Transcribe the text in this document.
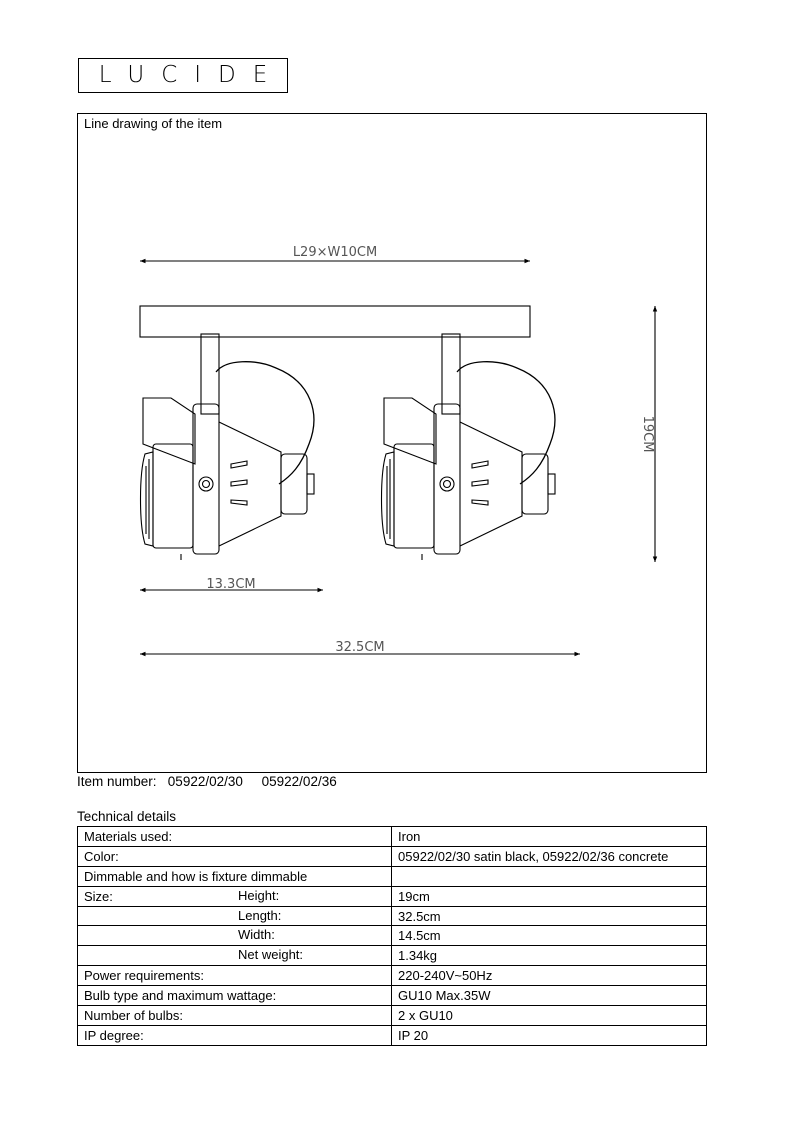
LUCIDE
Line drawing of the item
L29×W10CM
19CM
13.3CM
32.5CM
Item number: 05922/02/30 05922/02/36
Technical details
Materials used:	Iron
Color:	05922/02/30 satin black, 05922/02/36 concrete
Dimmable and how is fixture dimmable	
Size: Height:	19cm

Length:	32.5cm

Width:	14.5cm

Net weight:	1.34kg
Power requirements:	220-240V~50Hz
Bulb type and maximum wattage:	GU10 Max.35W
Number of bulbs:	2 x GU10
IP degree:	IP 20
